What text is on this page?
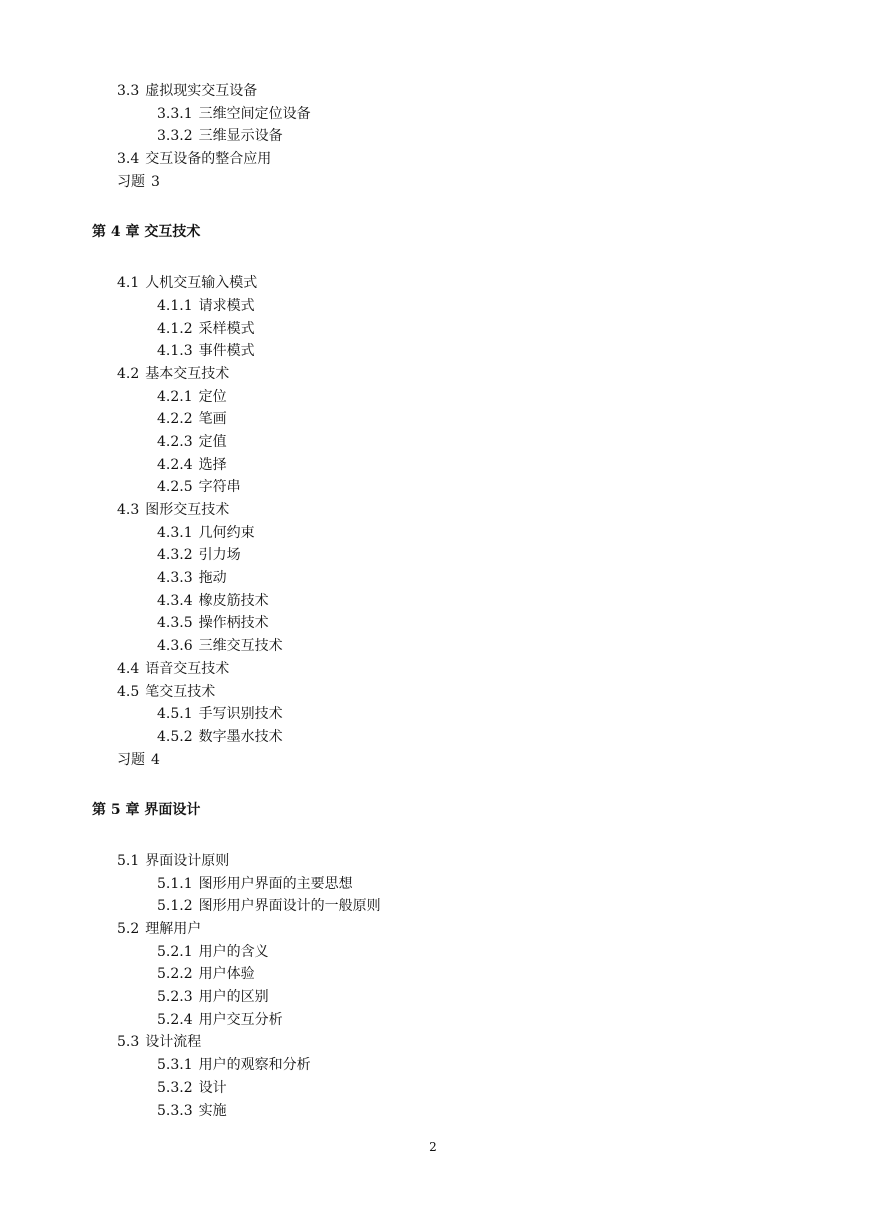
3.3 虚拟现实交互设备
3.3.1 三维空间定位设备
3.3.2 三维显示设备
3.4 交互设备的整合应用
习题 3
第 4 章 交互技术
4.1 人机交互输入模式
4.1.1 请求模式
4.1.2 采样模式
4.1.3 事件模式
4.2 基本交互技术
4.2.1 定位
4.2.2 笔画
4.2.3 定值
4.2.4 选择
4.2.5 字符串
4.3 图形交互技术
4.3.1 几何约束
4.3.2 引力场
4.3.3 拖动
4.3.4 橡皮筋技术
4.3.5 操作柄技术
4.3.6 三维交互技术
4.4 语音交互技术
4.5 笔交互技术
4.5.1 手写识别技术
4.5.2 数字墨水技术
习题 4
第 5 章 界面设计
5.1 界面设计原则
5.1.1 图形用户界面的主要思想
5.1.2 图形用户界面设计的一般原则
5.2 理解用户
5.2.1 用户的含义
5.2.2 用户体验
5.2.3 用户的区别
5.2.4 用户交互分析
5.3 设计流程
5.3.1 用户的观察和分析
5.3.2 设计
5.3.3 实施
2
